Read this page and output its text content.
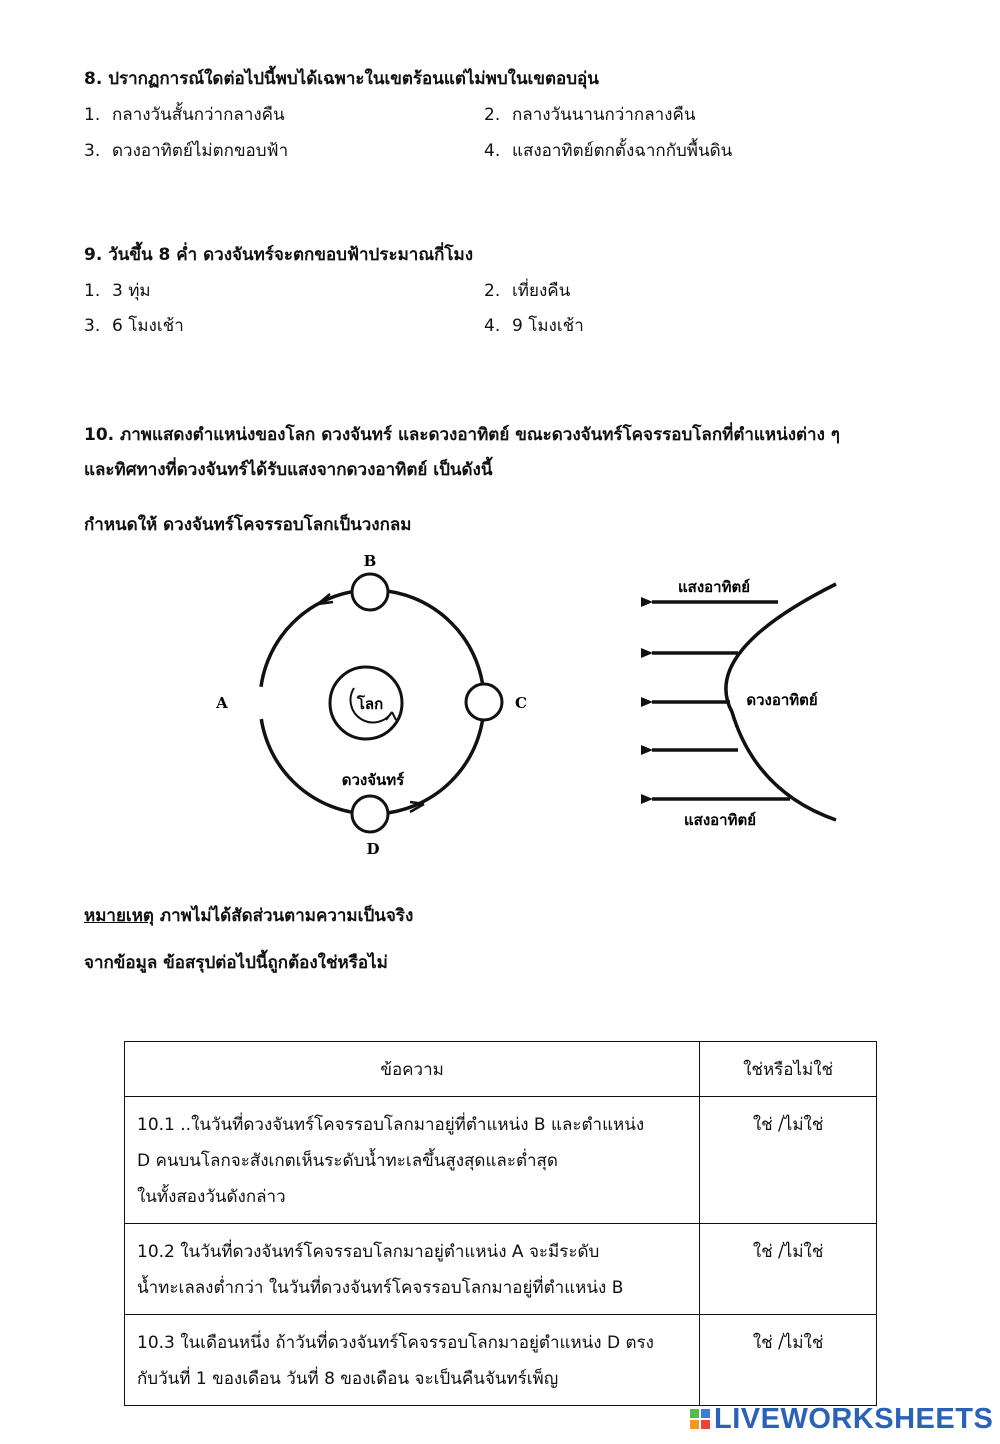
8. ปรากฏการณ์ใดต่อไปนี้พบได้เฉพาะในเขตร้อนแต่ไม่พบในเขตอบอุ่น
1. กลางวันสั้นกว่ากลางคืน	2. กลางวันนานกว่ากลางคืน
3. ดวงอาทิตย์ไม่ตกขอบฟ้า	4. แสงอาทิตย์ตกตั้งฉากกับพื้นดิน
9. วันขึ้น 8 ค่ำ ดวงจันทร์จะตกขอบฟ้าประมาณกี่โมง
1. 3 ทุ่ม	2. เที่ยงคืน
3. 6 โมงเช้า	4. 9 โมงเช้า
10. ภาพแสดงตำแหน่งของโลก ดวงจันทร์ และดวงอาทิตย์ ขณะดวงจันทร์โคจรรอบโลกที่ตำแหน่งต่าง ๆ
และทิศทางที่ดวงจันทร์ได้รับแสงจากดวงอาทิตย์ เป็นดังนี้
กำหนดให้ ดวงจันทร์โคจรรอบโลกเป็นวงกลม
โลก
B
A	C
D
ดวงจันทร์
ดวงอาทิตย์
แสงอาทิตย์
แสงอาทิตย์
หมายเหตุ ภาพไม่ได้สัดส่วนตามความเป็นจริง
จากข้อมูล ข้อสรุปต่อไปนี้ถูกต้องใช่หรือไม่
ข้อความ	ใช่หรือไม่ใช่

10.1 ..ในวันที่ดวงจันทร์โคจรรอบโลกมาอยู่ที่ตำแหน่ง B และตำแหน่ง
D คนบนโลกจะสังเกตเห็นระดับน้ำทะเลขึ้นสูงสุดและต่ำสุด
ในทั้งสองวันดังกล่าว	ใช่ /ไม่ใช่

10.2 ในวันที่ดวงจันทร์โคจรรอบโลกมาอยู่ตำแหน่ง A จะมีระดับ
น้ำทะเลลงต่ำกว่า ในวันที่ดวงจันทร์โคจรรอบโลกมาอยู่ที่ตำแหน่ง B	ใช่ /ไม่ใช่

10.3 ในเดือนหนึ่ง ถ้าวันที่ดวงจันทร์โคจรรอบโลกมาอยู่ตำแหน่ง D ตรง
กับวันที่ 1 ของเดือน วันที่ 8 ของเดือน จะเป็นคืนจันทร์เพ็ญ	ใช่ /ไม่ใช่
LIVEWORKSHEETS
